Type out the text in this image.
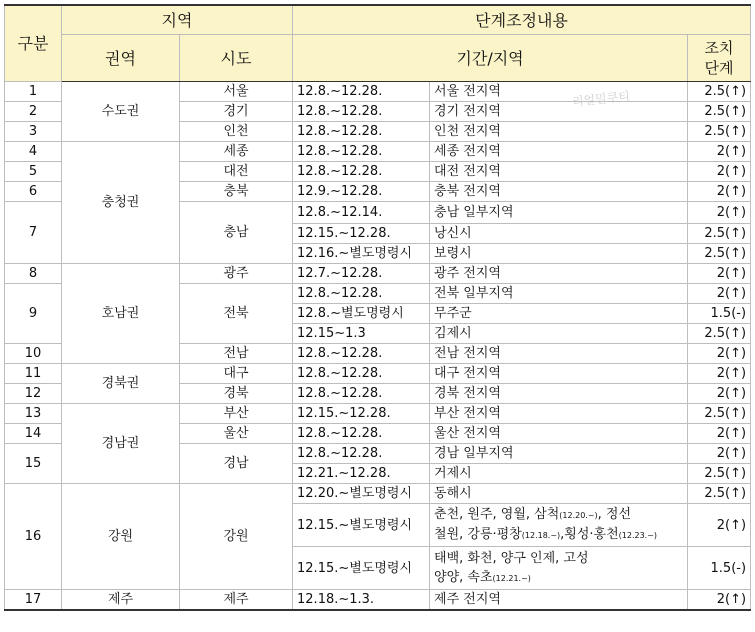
리얼밀쿠티
구분	지역		단계조정내용		
	권역	시도	기간/지역		조치
단계
1	수도권	서울	12.8.~12.28.	서울 전지역	2.5(↑)
2		경기	12.8.~12.28.	경기 전지역	2.5(↑)
3		인천	12.8.~12.28.	인천 전지역	2.5(↑)
4	충청권	세종	12.8.~12.28.	세종 전지역	2(↑)
5		대전	12.8.~12.28.	대전 전지역	2(↑)
6		충북	12.9.~12.28.	충북 전지역	2(↑)
7		충남	12.8.~12.14.	충남 일부지역	2(↑)
			12.15.~12.28.	낭신시	2.5(↑)
			12.16.~별도명령시	보령시	2.5(↑)
8	호남권	광주	12.7.~12.28.	광주 전지역	2(↑)
9		전북	12.8.~12.28.	전북 일부지역	2(↑)
			12.8.~별도명령시	무주군	1.5(-)
			12.15~1.3	김제시	2.5(↑)
10		전남	12.8.~12.28.	전남 전지역	2(↑)
11	경북권	대구	12.8.~12.28.	대구 전지역	2(↑)
12		경북	12.8.~12.28.	경북 전지역	2(↑)
13	경남권	부산	12.15.~12.28.	부산 전지역	2.5(↑)
14		울산	12.8.~12.28.	울산 전지역	2(↑)
15		경남	12.8.~12.28.	경남 일부지역	2(↑)
			12.21.~12.28.	거제시	2.5(↑)
16	강원	강원	12.20.~별도명령시	동해시	2.5(↑)
			12.15.~별도명령시	춘천, 원주, 영월, 삼척(12.20.~), 정선
철원, 강릉·평창(12.18.~),횡성·홍천(12.23.~)	2(↑)
			12.15.~별도명령시	태백, 화천, 양구 인제, 고성
양양, 속초(12.21.~)	1.5(-)
17	제주	제주	12.18.~1.3.	제주 전지역	2(↑)
